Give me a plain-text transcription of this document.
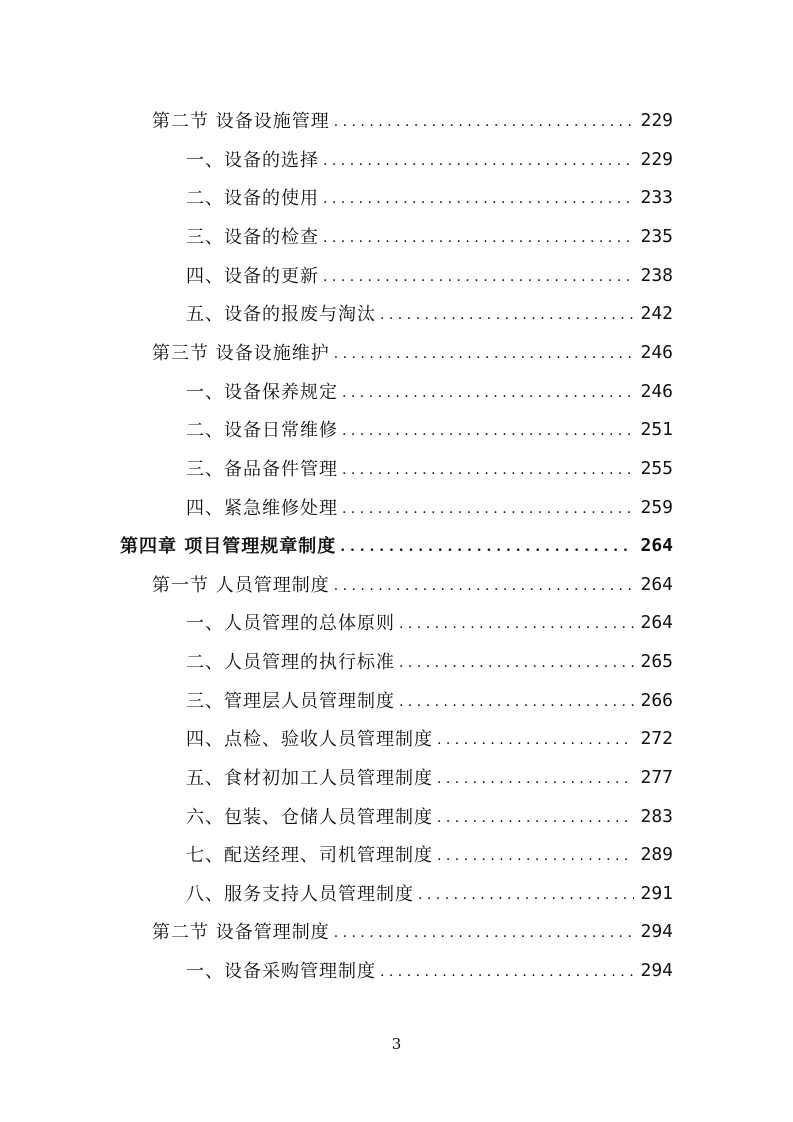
第二节 设备设施管理 . . .	229
一、设备的选择 . . .	229
二、设备的使用 . . .	233
三、设备的检查 . . .	235
四、设备的更新 . . .	238
五、设备的报废与淘汰 . . .	242
第三节 设备设施维护 . . .	246
一、设备保养规定 . . .	246
二、设备日常维修 . . .	251
三、备品备件管理 . . .	255
四、紧急维修处理 . . .	259
第四章 项目管理规章制度 . . .	264
第一节 人员管理制度 . . .	264
一、人员管理的总体原则 . . .	264
二、人员管理的执行标准 . . .	265
三、管理层人员管理制度 . . .	266
四、点检、验收人员管理制度 . . .	272
五、食材初加工人员管理制度 . . .	277
六、包装、仓储人员管理制度 . . .	283
七、配送经理、司机管理制度 . . .	289
八、服务支持人员管理制度 . . .	291
第二节 设备管理制度 . . .	294
一、设备采购管理制度 . . .	294
3
